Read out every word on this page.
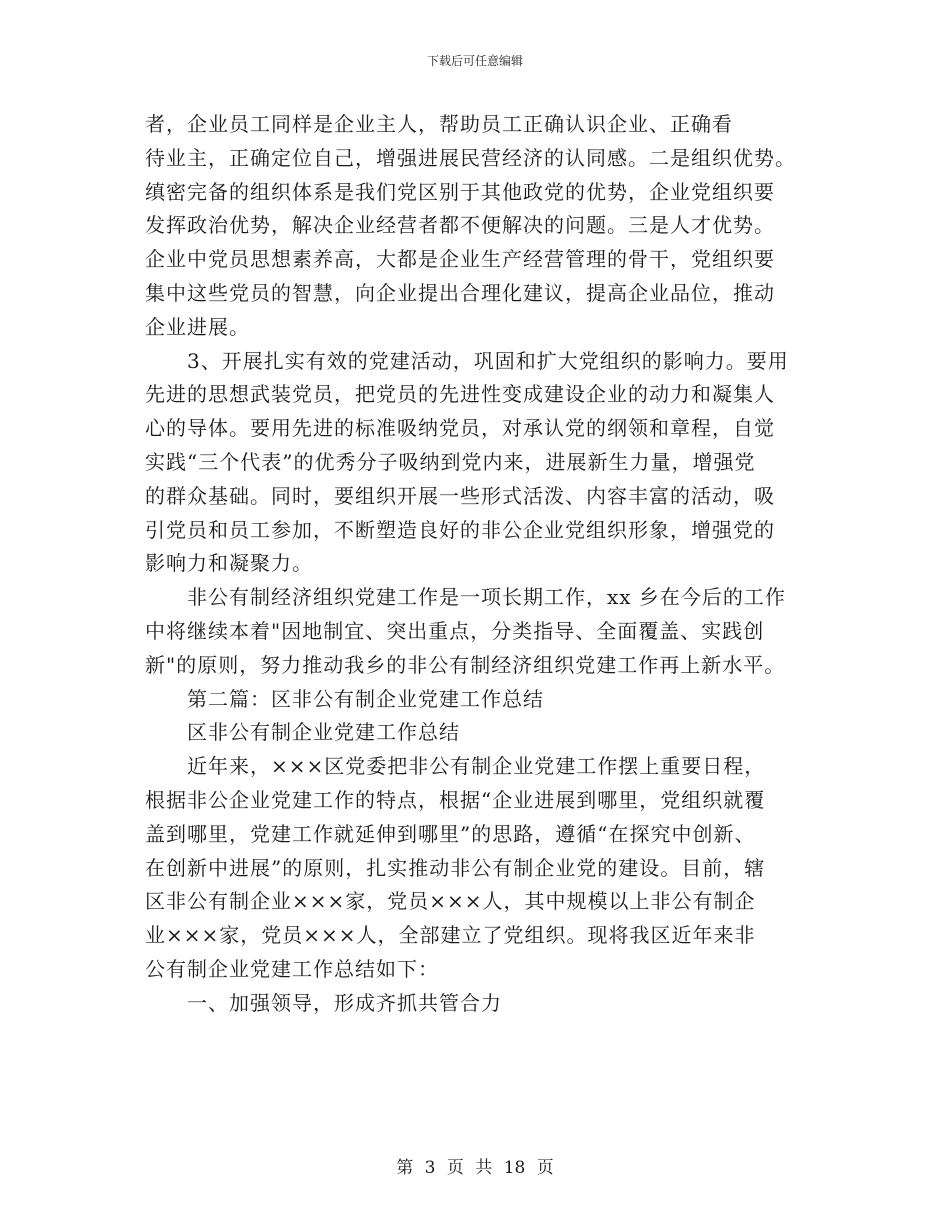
下载后可任意编辑

者，企业员工同样是企业主人，帮助员工正确认识企业、正确看
待业主，正确定位自己，增强进展民营经济的认同感。二是组织优势。
缜密完备的组织体系是我们党区别于其他政党的优势，企业党组织要
发挥政治优势，解决企业经营者都不便解决的问题。三是人才优势。
企业中党员思想素养高，大都是企业生产经营管理的骨干，党组织要
集中这些党员的智慧，向企业提出合理化建议，提高企业品位，推动
企业进展。

3、开展扎实有效的党建活动，巩固和扩大党组织的影响力。要用
先进的思想武装党员，把党员的先进性变成建设企业的动力和凝集人
心的导体。要用先进的标准吸纳党员，对承认党的纲领和章程，自觉
实践“三个代表”的优秀分子吸纳到党内来，进展新生力量，增强党
的群众基础。同时，要组织开展一些形式活泼、内容丰富的活动，吸
引党员和员工参加，不断塑造良好的非公企业党组织形象，增强党的
影响力和凝聚力。

非公有制经济组织党建工作是一项长期工作，xx 乡在今后的工作
中将继续本着"因地制宜、突出重点，分类指导、全面覆盖、实践创
新"的原则，努力推动我乡的非公有制经济组织党建工作再上新水平。

第二篇：区非公有制企业党建工作总结

区非公有制企业党建工作总结

近年来，×××区党委把非公有制企业党建工作摆上重要日程，
根据非公企业党建工作的特点，根据“企业进展到哪里，党组织就覆
盖到哪里，党建工作就延伸到哪里”的思路，遵循“在探究中创新、
在创新中进展”的原则，扎实推动非公有制企业党的建设。目前，辖
区非公有制企业×××家，党员×××人，其中规模以上非公有制企
业×××家，党员×××人，全部建立了党组织。现将我区近年来非
公有制企业党建工作总结如下：

一、加强领导，形成齐抓共管合力

第 3 页 共 18 页
